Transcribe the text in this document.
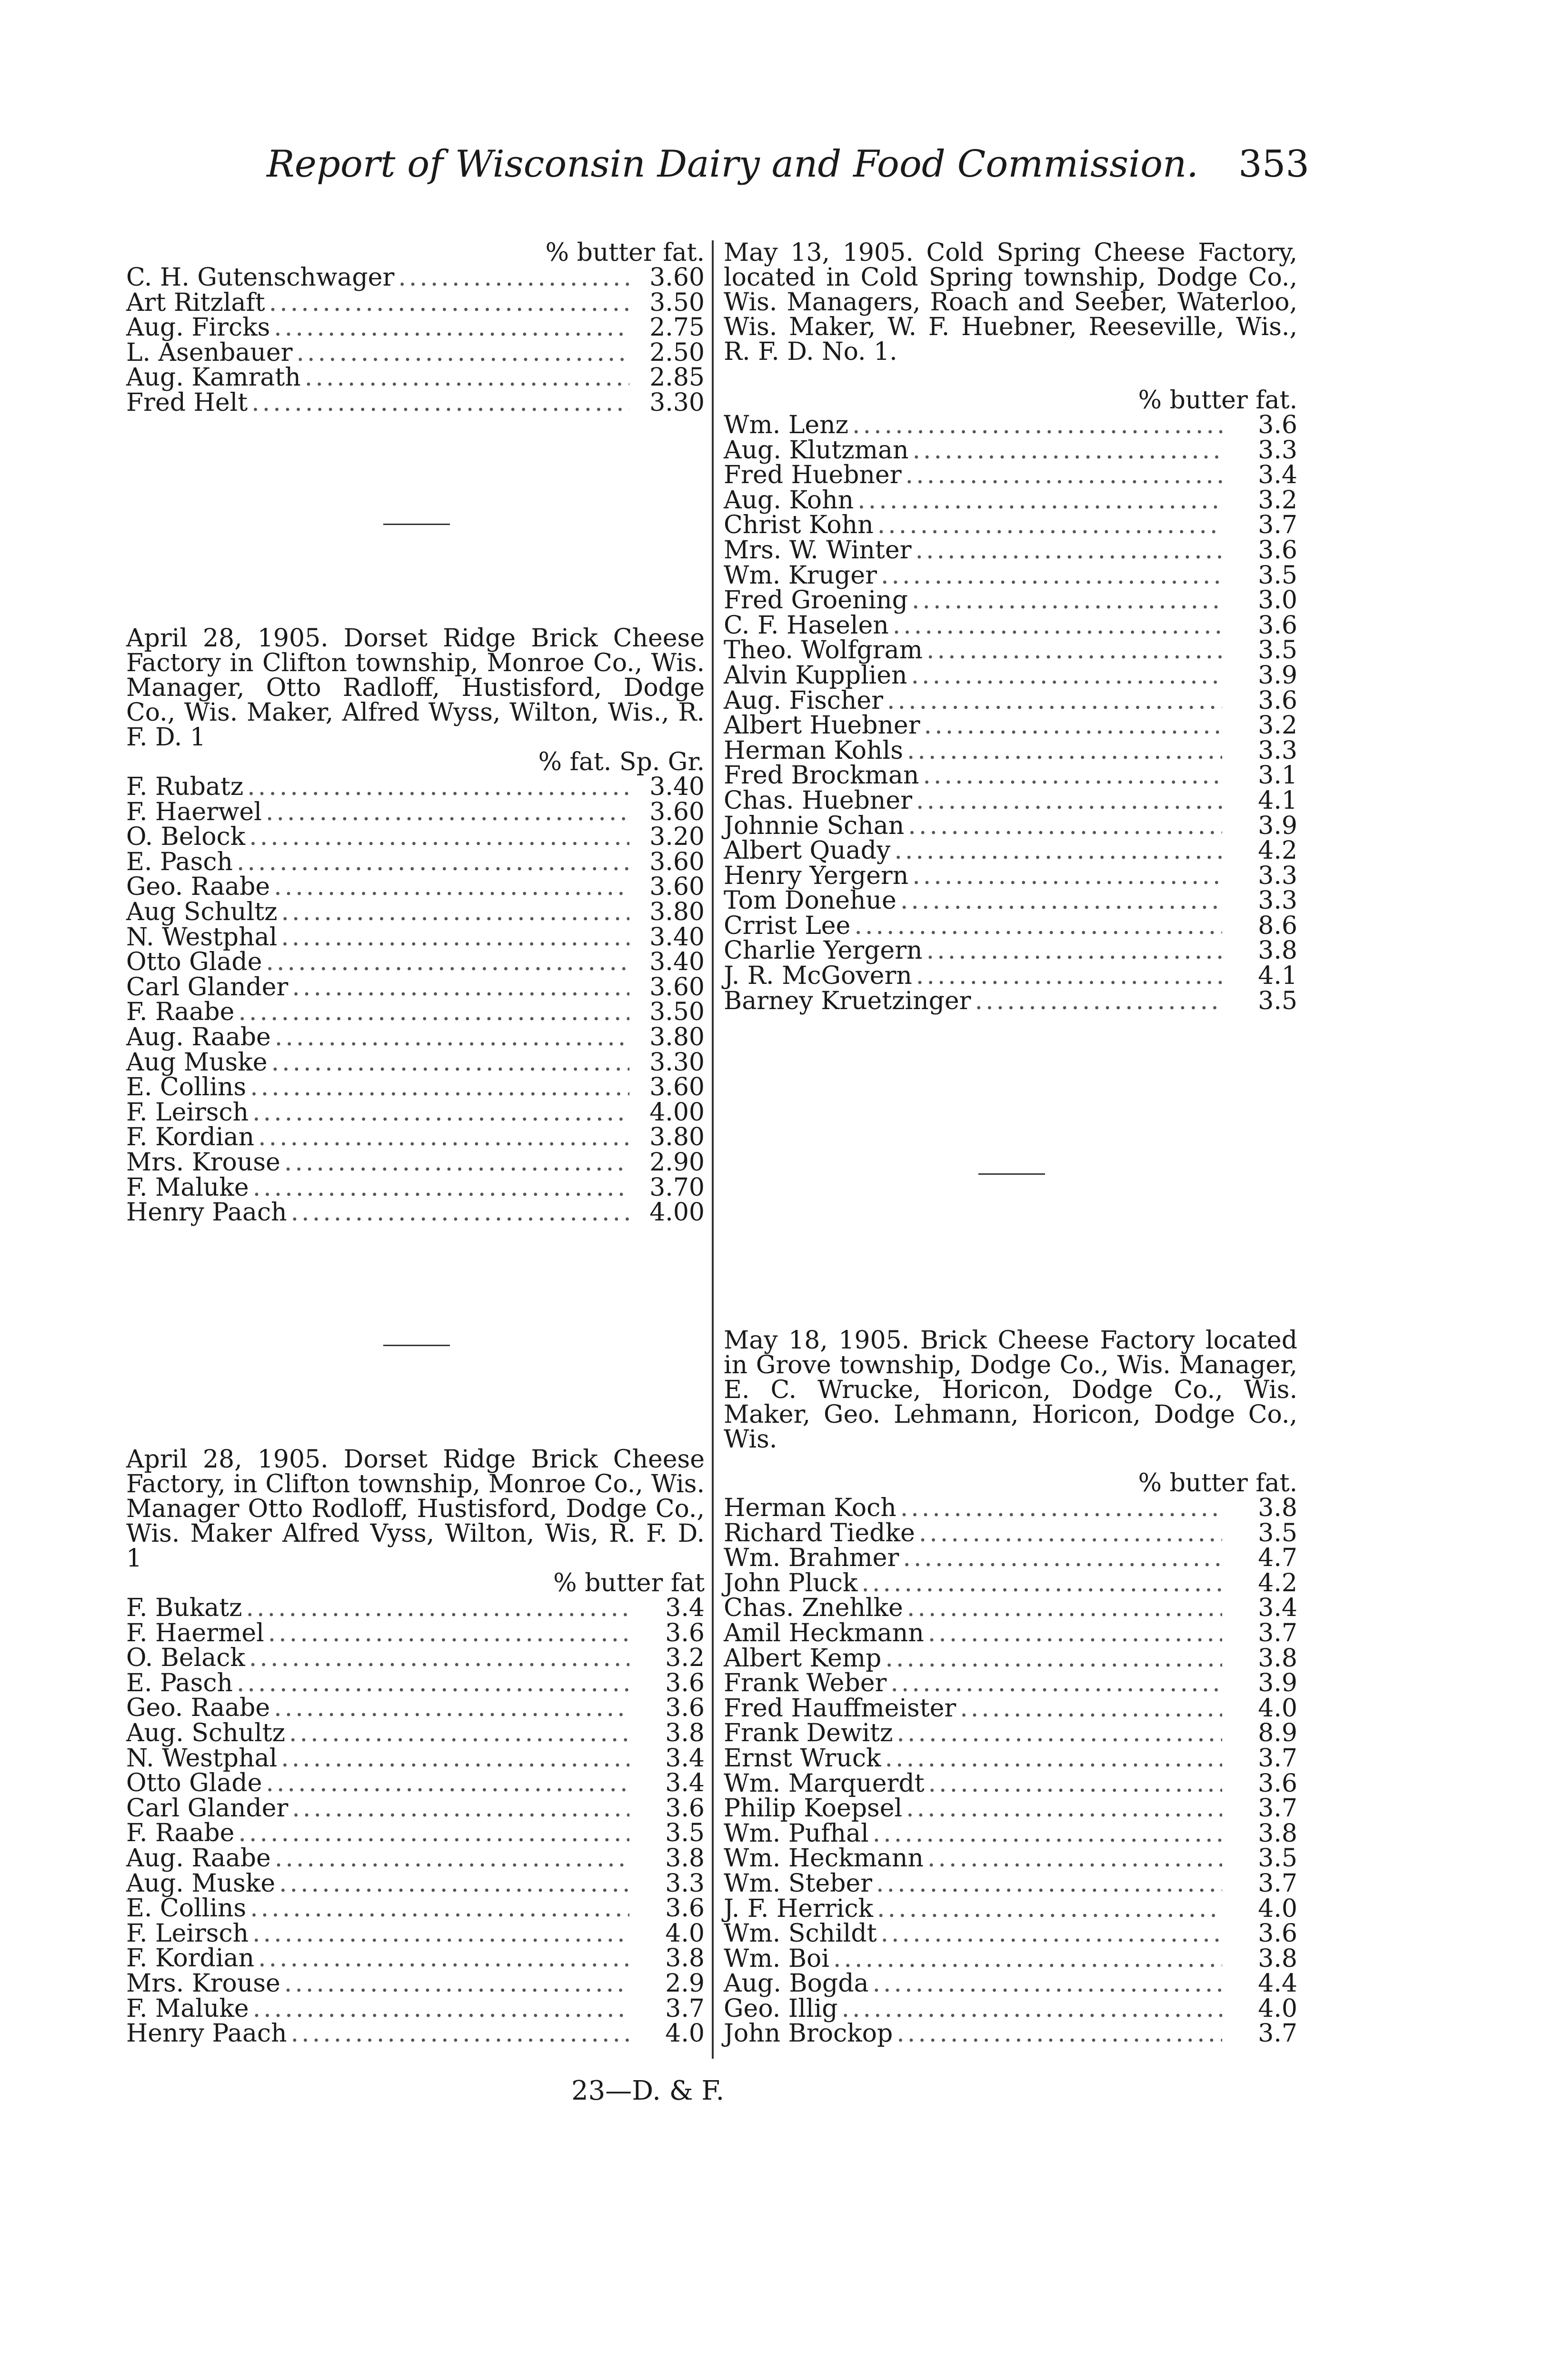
Report of Wisconsin Dairy and Food Commission. 353
% butter fat.
C. H. Gutenschwager .....	3.60
Art Ritzlaft .....	3.50
Aug. Fircks .....	2.75
L. Asenbauer .....	2.50
Aug. Kamrath .....	2.85
Fred Helt .....	3.30
April 28, 1905. Dorset Ridge Brick Cheese Factory in Clifton township, Monroe Co., Wis. Manager, Otto Radloff, Hustisford, Dodge Co., Wis. Maker, Alfred Wyss, Wilton, Wis., R. F. D. 1
% fat. Sp. Gr.
F. Rubatz .....	3.40
F. Haerwel .....	3.60
O. Belock .....	3.20
E. Pasch .....	3.60
Geo. Raabe .....	3.60
Aug Schultz .....	3.80
N. Westphal .....	3.40
Otto Glade .....	3.40
Carl Glander .....	3.60
F. Raabe .....	3.50
Aug. Raabe .....	3.80
Aug Muske .....	3.30
E. Collins .....	3.60
F. Leirsch .....	4.00
F. Kordian .....	3.80
Mrs. Krouse .....	2.90
F. Maluke .....	3.70
Henry Paach .....	4.00
April 28, 1905. Dorset Ridge Brick Cheese Factory, in Clifton township, Monroe Co., Wis. Manager Otto Rodloff, Hustisford, Dodge Co., Wis. Maker Alfred Vyss, Wilton, Wis, R. F. D. 1
% butter fat
F. Bukatz .....	3.4
F. Haermel .....	3.6
O. Belack .....	3.2
E. Pasch .....	3.6
Geo. Raabe .....	3.6
Aug. Schultz .....	3.8
N. Westphal .....	3.4
Otto Glade .....	3.4
Carl Glander .....	3.6
F. Raabe .....	3.5
Aug. Raabe .....	3.8
Aug. Muske .....	3.3
E. Collins .....	3.6
F. Leirsch .....	4.0
F. Kordian .....	3.8
Mrs. Krouse .....	2.9
F. Maluke .....	3.7
Henry Paach .....	4.0
May 13, 1905. Cold Spring Cheese Factory, located in Cold Spring township, Dodge Co., Wis. Managers, Roach and Seeber, Waterloo, Wis. Maker, W. F. Huebner, Reeseville, Wis., R. F. D. No. 1.
% butter fat.
Wm. Lenz .....	3.6
Aug. Klutzman .....	3.3
Fred Huebner .....	3.4
Aug. Kohn .....	3.2
Christ Kohn .....	3.7
Mrs. W. Winter .....	3.6
Wm. Kruger .....	3.5
Fred Groening .....	3.0
C. F. Haselen .....	3.6
Theo. Wolfgram .....	3.5
Alvin Kupplien .....	3.9
Aug. Fischer .....	3.6
Albert Huebner .....	3.2
Herman Kohls .....	3.3
Fred Brockman .....	3.1
Chas. Huebner .....	4.1
Johnnie Schan .....	3.9
Albert Quady .....	4.2
Henry Yergern .....	3.3
Tom Donehue .....	3.3
Crrist Lee .....	8.6
Charlie Yergern .....	3.8
J. R. McGovern .....	4.1
Barney Kruetzinger .....	3.5
May 18, 1905. Brick Cheese Factory located in Grove township, Dodge Co., Wis. Manager, E. C. Wrucke, Horicon, Dodge Co., Wis. Maker, Geo. Lehmann, Horicon, Dodge Co., Wis.
% butter fat.
Herman Koch .....	3.8
Richard Tiedke .....	3.5
Wm. Brahmer .....	4.7
John Pluck .....	4.2
Chas. Znehlke .....	3.4
Amil Heckmann .....	3.7
Albert Kemp .....	3.8
Frank Weber .....	3.9
Fred Hauffmeister .....	4.0
Frank Dewitz .....	8.9
Ernst Wruck .....	3.7
Wm. Marquerdt .....	3.6
Philip Koepsel .....	3.7
Wm. Pufhal .....	3.8
Wm. Heckmann .....	3.5
Wm. Steber .....	3.7
J. F. Herrick .....	4.0
Wm. Schildt .....	3.6
Wm. Boi .....	3.8
Aug. Bogda .....	4.4
Geo. Illig .....	4.0
John Brockop .....	3.7
23—D. & F.
